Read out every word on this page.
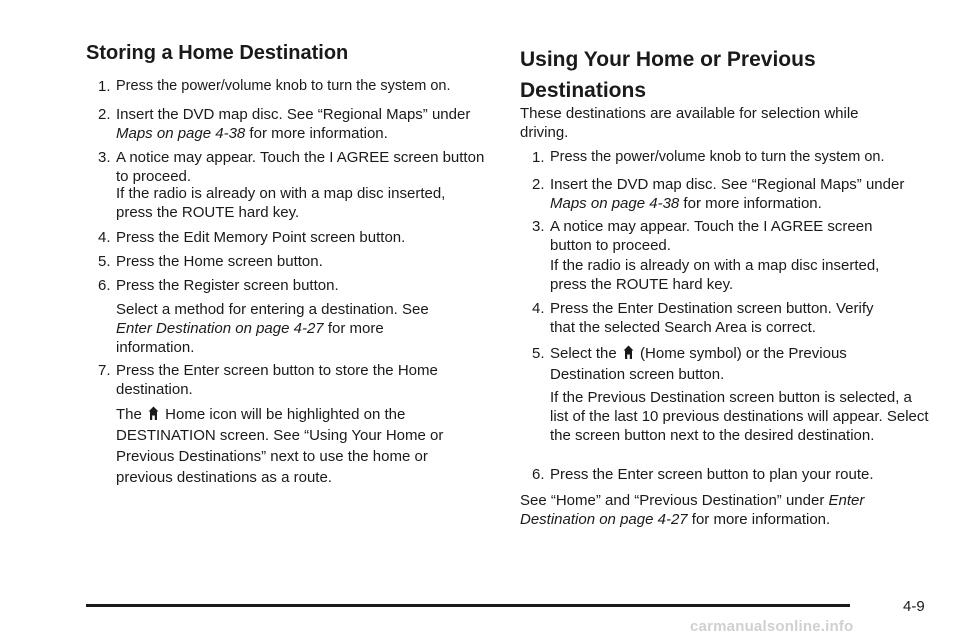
Storing a Home Destination
1. Press the power/volume knob to turn the system on.
2. Insert the DVD map disc. See “Regional Maps” under Maps on page 4-38 for more information.
3. A notice may appear. Touch the I AGREE screen button to proceed.
If the radio is already on with a map disc inserted, press the ROUTE hard key.
4. Press the Edit Memory Point screen button.
5. Press the Home screen button.
6. Press the Register screen button.
Select a method for entering a destination. See Enter Destination on page 4-27 for more information.
7. Press the Enter screen button to store the Home destination.
The  Home icon will be highlighted on the DESTINATION screen. See “Using Your Home or Previous Destinations” next to use the home or previous destinations as a route.
Using Your Home or Previous Destinations
These destinations are available for selection while driving.
1. Press the power/volume knob to turn the system on.
2. Insert the DVD map disc. See “Regional Maps” under Maps on page 4-38 for more information.
3. A notice may appear. Touch the I AGREE screen button to proceed.
If the radio is already on with a map disc inserted, press the ROUTE hard key.
4. Press the Enter Destination screen button. Verify that the selected Search Area is correct.
5. Select the  (Home symbol) or the Previous Destination screen button.
If the Previous Destination screen button is selected, a list of the last 10 previous destinations will appear. Select the screen button next to the desired destination.
6. Press the Enter screen button to plan your route.
See “Home” and “Previous Destination” under Enter Destination on page 4-27 for more information.
4-9
carmanualsonline.info
